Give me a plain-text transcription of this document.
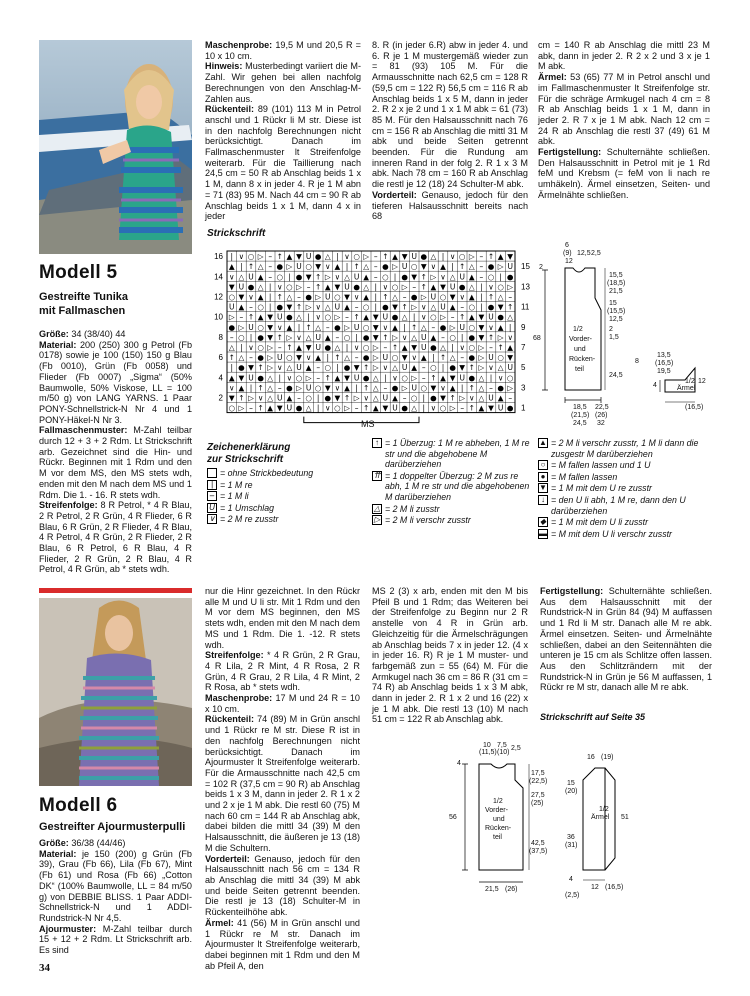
Modell 5
Gestreifte Tunika
mit Fallmaschen

Größe: 34 (38/40) 44

Material: 200 (250) 300 g Petrol (Fb 0178) sowie je 100 (150) 150 g Blau (Fb 0010), Grün (Fb 0058) und Flieder (Fb 0007) „Sigma“ (50% Baumwolle, 50% Viskose, LL = 100 m/50 g) von LANG YARNS. 1 Paar PONY-Schnellstrick-N Nr 4 und 1 PONY-Häkel-N Nr 3.

Fallmaschenmuster: M-Zahl teilbar durch 12 + 3 + 2 Rdm. Lt Strickschrift arb. Gezeichnet sind die Hin- und Rückr. Beginnen mit 1 Rdm und den M vor dem MS, den MS stets wdh, enden mit den M nach dem MS und 1 Rdm. Die 1. - 16. R stets wdh.

Streifenfolge: 8 R Petrol, * 4 R Blau, 2 R Petrol, 2 R Grün, 4 R Flieder, 6 R Blau, 6 R Grün, 2 R Flieder, 4 R Blau, 4 R Petrol, 4 R Grün, 2 R Flieder, 2 R Blau, 6 R Petrol, 6 R Blau, 4 R Flieder, 2 R Grün, 2 R Blau, 4 R Petrol, 4 R Grün, ab * stets wdh.

Maschenprobe: 19,5 M und 20,5 R = 10 x 10 cm.

Hinweis: Musterbedingt variiert die M-Zahl. Wir gehen bei allen nachfolg Berechnungen von den Anschlag-M-Zahlen aus.

Rückenteil: 89 (101) 113 M in Petrol anschl und 1 Rückr li M str. Diese ist in den nachfolg Berechnungen nicht berücksichtigt. Danach im Fallmaschenmuster lt Streifenfolge weiterarb. Für die Taillierung nach 24,5 cm = 50 R ab Anschlag beids 1 x 1 M, dann 8 x in jeder 4. R je 1 M abn = 71 (83) 95 M. Nach 44 cm = 90 R ab Anschlag beids 1 x 1 M, dann 4 x in jeder

8. R (in jeder 6.R) abw in jeder 4. und 6. R je 1 M mustergemäß wieder zun = 81 (93) 105 M. Für die Armausschnitte nach 62,5 cm = 128 R (59,5 cm = 122 R) 56,5 cm = 116 R ab Anschlag beids 1 x 5 M, dann in jeder 2. R 2 x je 2 und 1 x 1 M abk = 61 (73) 85 M. Für den Halsausschnitt nach 76 cm = 156 R ab Anschlag die mittl 31 M abk und beide Seiten getrennt beenden. Für die Rundung am inneren Rand in der folg 2. R 1 x 3 M abk. Nach 78 cm = 160 R ab Anschlag die restl je 12 (18) 24 Schulter-M abk.

Vorderteil: Genauso, jedoch für den tieferen Halsausschnitt bereits nach 68

cm = 140 R ab Anschlag die mittl 23 M abk, dann in jeder 2. R 2 x 2 und 3 x je 1 M abk.

Ärmel: 53 (65) 77 M in Petrol anschl und im Fallmaschenmuster lt Streifenfolge str. Für die schräge Armkugel nach 4 cm = 8 R ab Anschlag beids 1 x 1 M, dann in jeder 2. R 7 x je 1 M abk. Nach 12 cm = 24 R ab Anschlag die restl 37 (49) 61 M abk.

Fertigstellung: Schulternähte schließen. Den Halsausschnitt in Petrol mit je 1 Rd feM und Krebsm (= feM von li nach re umhäkeln). Ärmel einsetzen, Seiten- und Ärmelnähte schließen.

Strickschrift
| ∨ ○ ▷ – ↑ ▲ ▼ U ● △ | ∨ ○ ▷ – ↑ ▲ ▼ U ● △ | ∨ ○ ▷ – ↑ ▲ ▼
▲ | ↑ △ – ● ▷ U ○ ▼ ∨ ▲ | ↑ △ – ● ▷ U ○ ▼ ∨ ▲ | ↑ △ – ● ▷ U
∨ △ U ▲ – ○ | ● ▼ ↑ ▷ ∨ △ U ▲ – ○ | ● ▼ ↑ ▷ ∨ △ U ▲ – ○ | ●
▼ U ● △ | ∨ ○ ▷ – ↑ ▲ ▼ U ● △ | ∨ ○ ▷ – ↑ ▲ ▼ U ● △ | ∨ ○ ▷
○ ▼ ∨ ▲ | ↑ △ – ● ▷ U ○ ▼ ∨ ▲ | ↑ △ – ● ▷ U ○ ▼ ∨ ▲ | ↑ △ –
U ▲ – ○ | ● ▼ ↑ ▷ ∨ △ U ▲ – ○ | ● ▼ ↑ ▷ ∨ △ U ▲ – ○ | ● ▼ ↑
▷ – ↑ ▲ ▼ U ● △ | ∨ ○ ▷ – ↑ ▲ ▼ U ● △ | ∨ ○ ▷ – ↑ ▲ ▼ U ● △
● ▷ U ○ ▼ ∨ ▲ | ↑ △ – ● ▷ U ○ ▼ ∨ ▲ | ↑ △ – ● ▷ U ○ ▼ ∨ ▲ |
– ○ | ● ▼ ↑ ▷ ∨ △ U ▲ – ○ | ● ▼ ↑ ▷ ∨ △ U ▲ – ○ | ● ▼ ↑ ▷ ∨
△ | ∨ ○ ▷ – ↑ ▲ ▼ U ● △ | ∨ ○ ▷ – ↑ ▲ ▼ U ● △ | ∨ ○ ▷ – ↑ ▲
↑ △ – ● ▷ U ○ ▼ ∨ ▲ | ↑ △ – ● ▷ U ○ ▼ ∨ ▲ | ↑ △ – ● ▷ U ○ ▼
| ● ▼ ↑ ▷ ∨ △ U ▲ – ○ | ● ▼ ↑ ▷ ∨ △ U ▲ – ○ | ● ▼ ↑ ▷ ∨ △ U
▲ ▼ U ● △ | ∨ ○ ▷ – ↑ ▲ ▼ U ● △ | ∨ ○ ▷ – ↑ ▲ ▼ U ● △ | ∨ ○
∨ ▲ | ↑ △ – ● ▷ U ○ ▼ ∨ ▲ | ↑ △ – ● ▷ U ○ ▼ ∨ ▲ | ↑ △ – ● ▷
▼ ↑ ▷ ∨ △ U ▲ – ○ | ● ▼ ↑ ▷ ∨ △ U ▲ – ○ | ● ▼ ↑ ▷ ∨ △ U ▲ –
○ ▷ – ↑ ▲ ▼ U ● △ | ∨ ○ ▷ – ↑ ▲ ▼ U ● △ | ∨ ○ ▷ – ↑ ▲ ▼ U ●
16
14
12
10
8
6
4
2
15
13
11
9
7
5
3
1
MS
6
(9)
12
12,5 2,5
2
68
1/2
Vorder-
und
Rücken-
teil
15,5
(18,5)
21,5
15
(15,5)
12,5
2
1,5
24,5
18,5
(21,5)
24,5
22,5
(26)
32
13,5
(16,5)
19,5
1/2
Ärmel
8
4
12
(16,5)
Zeichenerklärung
zur Strickschrift
= ohne Strickbedeutung
| = 1 M re
– = 1 M li
U = 1 Umschlag
∨ = 2 M re zusstr
↑ = 1 Überzug: 1 M re abheben, 1 M re str und die abgehobene M darüberziehen
⇈ = 1 doppelter Überzug: 2 M zus re abh, 1 M re str und die abgehobenen M darüberziehen
△ = 2 M li zusstr
▷ = 2 M li verschr zusstr
▲ = 2 M li verschr zusstr, 1 M li dann die zusgestr M darüberziehen
○ = M fallen lassen und 1 U
● = M fallen lassen
▼ = 1 M mit dem U re zusstr
↓ = den U li abh, 1 M re, dann den U darüberziehen
◆ = 1 M mit dem U li zusstr
▬ = M mit dem U li verschr zusstr
Modell 6
Gestreifter Ajourmusterpulli

Größe: 36/38 (44/46)

Material: je 150 (200) g Grün (Fb 39), Grau (Fb 66), Lila (Fb 67), Mint (Fb 61) und Rosa (Fb 66) „Cotton DK“ (100% Baumwolle, LL = 84 m/50 g) von DEBBIE BLISS. 1 Paar ADDI-Schnellstrick-N und 1 ADDI-Rundstrick-N Nr 4,5.

Ajourmuster: M-Zahl teilbar durch 15 + 12 + 2 Rdm. Lt Strickschrift arb. Es sind

nur die Hinr gezeichnet. In den Rückr alle M und U li str. Mit 1 Rdm und den M vor dem MS beginnen, den MS stets wdh, enden mit den M nach dem MS und 1 Rdm. Die 1. -12. R stets wdh.

Streifenfolge: * 4 R Grün, 2 R Grau, 4 R Lila, 2 R Mint, 4 R Rosa, 2 R Grün, 4 R Grau, 2 R Lila, 4 R Mint, 2 R Rosa, ab * stets wdh.

Maschenprobe: 17 M und 24 R = 10 x 10 cm.

Rückenteil: 74 (89) M in Grün anschl und 1 Rückr re M str. Diese R ist in den nachfolg Berechnungen nicht berücksichtigt. Danach im Ajourmuster lt Streifenfolge weiterarb. Für die Armausschnitte nach 42,5 cm = 102 R (37,5 cm = 90 R) ab Anschlag beids 1 x 3 M, dann in jeder 2. R 1 x 2 und 2 x je 1 M abk. Die restl 60 (75) M nach 60 cm = 144 R ab Anschlag abk, dabei bilden die mittl 34 (39) M den Halsausschnitt, die äußeren je 13 (18) M die Schultern.

Vorderteil: Genauso, jedoch für den Halsausschnitt nach 56 cm = 134 R ab Anschlag die mittl 34 (39) M abk und beide Seiten getrennt beenden. Die restl je 13 (18) Schulter-M in Rückenteilhöhe abk.

Ärmel: 41 (56) M in Grün anschl und 1 Rückr re M str. Danach im Ajourmuster lt Streifenfolge weiterarb, dabei beginnen mit 1 Rdm und den M ab Pfeil A, den

MS 2 (3) x arb, enden mit den M bis Pfeil B und 1 Rdm; das Weiteren bei der Streifenfolge zu Beginn nur 2 R anstelle von 4 R in Grün arb. Gleichzeitig für die Ärmelschrägungen ab Anschlag beids 7 x in jeder 12. (4 x in jeder 16. R) R je 1 M muster- und farbgemäß zun = 55 (64) M. Für die Armkugel nach 36 cm = 86 R (31 cm = 74 R) ab Anschlag beids 1 x 3 M abk, dann in jeder 2. R 1 x 2 und 16 (22) x je 1 M abk. Die restl 13 (10) M nach 51 cm = 122 R ab Anschlag abk.

Fertigstellung: Schulternähte schließen. Aus dem Halsausschnitt mit der Rundstrick-N in Grün 84 (94) M auffassen und 1 Rd li M str. Danach alle M re abk. Ärmel einsetzen. Seiten- und Ärmelnähte schließen, dabei an den Seitennähten die unteren je 15 cm als Schlitze offen lassen. Aus den Schlitzrändern mit der Rundstrick-N in Grün je 56 M auffassen, 1 Rückr re M str, danach alle M re abk.

Strickschrift auf Seite 35
10
(11,5)
7,5
(10)
2,5
4
17,5
(22,5)
27,5
(25)
56
1/2
Vorder-
und
Rücken-
teil
42,5
(37,5)
21,5 (26)
16 (19)
15
(20)
1/2
Ärmel 51
36
(31)
12 (16,5)
4
(2,5)
34
